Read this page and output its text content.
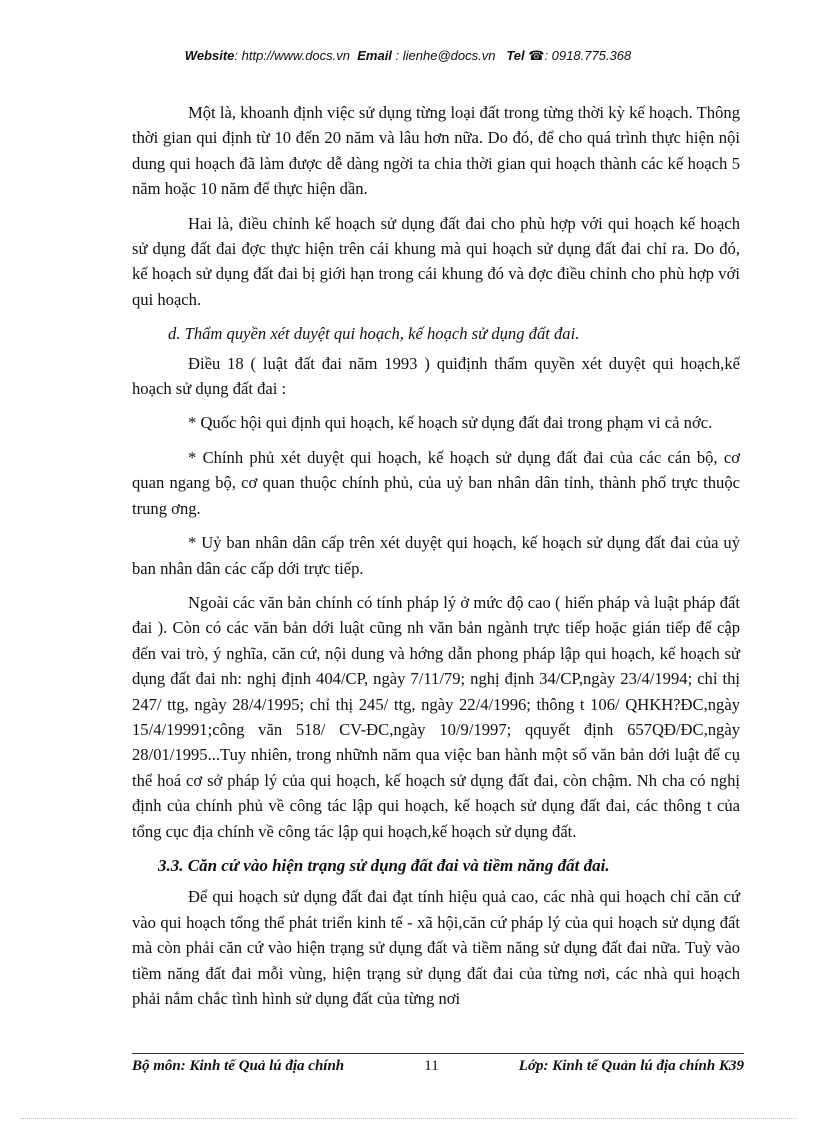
Website: http://www.docs.vn Email : lienhe@docs.vn Tel ☎: 0918.775.368

Một là, khoanh định việc sử dụng từng loại đất trong từng thời kỳ kế hoạch. Thông thời gian qui định từ 10 đến 20 năm và lâu hơn nữa. Do đó, để cho quá trình thực hiện nội dung qui hoạch đã làm được dễ dàng ngời ta chia thời gian qui hoạch thành các kế hoạch 5 năm hoặc 10 năm để thực hiện dần.

Hai là, điều chỉnh kế hoạch sử dụng đất đai cho phù hợp với qui hoạch kế hoạch sử dụng đất đai đợc thực hiện trên cái khung mà qui hoạch sử dụng đất đai chỉ ra. Do đó, kế hoạch sử dụng đất đai bị giới hạn trong cái khung đó và đợc điều chỉnh cho phù hợp với qui hoạch.

d. Thẩm quyền xét duyệt qui hoạch, kế hoạch sử dụng đất đai.

Điều 18 ( luật đất đai năm 1993 ) quiđịnh thẩm quyền xét duyệt qui hoạch,kế hoạch sử dụng đất đai :

* Quốc hội qui định qui hoạch, kế hoạch sử dụng đất đai trong phạm vi cả nớc.

* Chính phủ xét duyệt qui hoạch, kế hoạch sử dụng đất đai của các cán bộ, cơ quan ngang bộ, cơ quan thuộc chính phủ, của uỷ ban nhân dân tỉnh, thành phố trực thuộc trung ơng.

* Uỷ ban nhân dân cấp trên xét duyệt qui hoạch, kế hoạch sử dụng đất đai của uỷ ban nhân dân các cấp dới trực tiếp.

Ngoài các văn bản chính có tính pháp lý ở mức độ cao ( hiến pháp và luật pháp đất đai ). Còn có các văn bản dới luật cũng nh văn bản ngành trực tiếp hoặc gián tiếp để cập đến vai trò, ý nghĩa, căn cứ, nội dung và hớng dẫn phong pháp lập qui hoạch, kế hoạch sử dụng đất đai nh: nghị định 404/CP, ngày 7/11/79; nghị định 34/CP,ngày 23/4/1994; chỉ thị 247/ ttg, ngày 28/4/1995; chỉ thị 245/ ttg, ngày 22/4/1996; thông t 106/ QHKH?ĐC,ngày 15/4/19991;công văn 518/ CV-ĐC,ngày 10/9/1997; qquyết định 657QĐ/ĐC,ngày 28/01/1995...Tuy nhiên, trong nhữnh năm qua việc ban hành một số văn bản dới luật để cụ thể hoá cơ sở pháp lý của qui hoạch, kế hoạch sử dụng đất đai, còn chậm. Nh cha có nghị định của chính phủ về công tác lập qui hoạch, kế hoạch sử dụng đất đai, các thông t của tổng cục địa chính về công tác lập qui hoạch,kế hoạch sử dụng đất.

3.3. Căn cứ vào hiện trạng sử dụng đất đai và tiềm năng đất đai.

Để qui hoạch sử dụng đất đai đạt tính hiệu quả cao, các nhà qui hoạch chỉ căn cứ vào qui hoạch tổng thể phát triển kinh tế - xã hội,căn cứ pháp lý của qui hoạch sử dụng đất mà còn phải căn cứ vào hiện trạng sử dụng đất và tiềm năng sử dụng đất đai nữa. Tuỳ vào tiềm năng đất đai mỗi vùng, hiện trạng sử dụng đất đai của từng nơi, các nhà qui hoạch phải nắm chắc tình hình sử dụng đất của từng nơi

Bộ môn: Kinh tế Quả lú địa chính	11	Lớp: Kinh tế Quản lú địa chính K39
